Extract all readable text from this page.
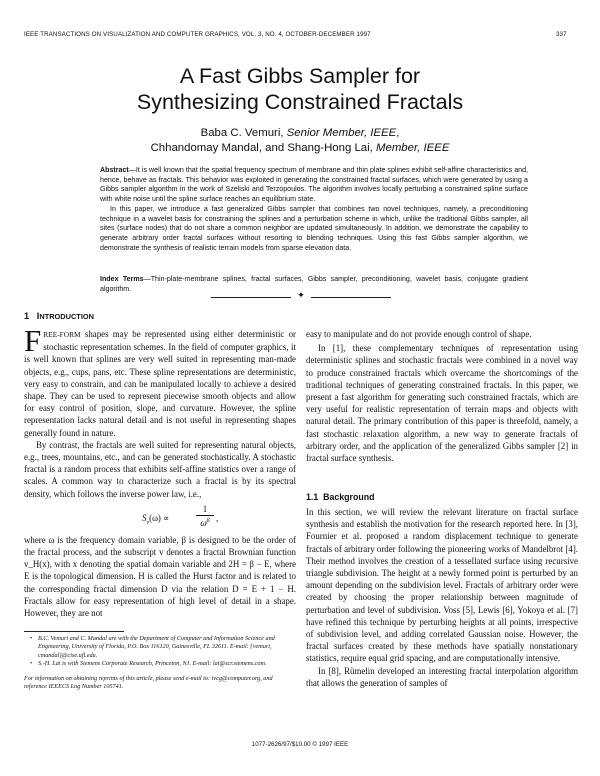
IEEE TRANSACTIONS ON VISUALIZATION AND COMPUTER GRAPHICS, VOL. 3, NO. 4, OCTOBER-DECEMBER 1997	337
A Fast Gibbs Sampler for
Synthesizing Constrained Fractals
Baba C. Vemuri, Senior Member, IEEE,
Chhandomay Mandal, and Shang-Hong Lai, Member, IEEE
Abstract—It is well known that the spatial frequency spectrum of membrane and thin plate splines exhibit self-affine characteristics and, hence, behave as fractals. This behavior was exploited in generating the constrained fractal surfaces, which were generated by using a Gibbs sampler algorithm in the work of Szeliski and Terzopoulos. The algorithm involves locally perturbing a constrained spline surface with white noise until the spline surface reaches an equilibrium state.
In this paper, we introduce a fast generalized Gibbs sampler that combines two novel techniques, namely, a preconditioning technique in a wavelet basis for constraining the splines and a perturbation scheme in which, unlike the traditional Gibbs sampler, all sites (surface nodes) that do not share a common neighbor are updated simultaneously. In addition, we demonstrate the capability to generate arbitrary order fractal surfaces without resorting to blending techniques. Using this fast Gibbs sampler algorithm, we demonstrate the synthesis of realistic terrain models from sparse elevation data.
Index Terms—Thin-plate-membrane splines, fractal surfaces, Gibbs sampler, preconditioning, wavelet basis, conjugate gradient algorithm.
✦
1 INTRODUCTION

FREE-FORM shapes may be represented using either deterministic or stochastic representation schemes. In the field of computer graphics, it is well known that splines are very well suited in representing man-made objects, e.g., cups, pans, etc. These spline representations are deterministic, very easy to constrain, and can be manipulated locally to achieve a desired shape. They can be used to represent piecewise smooth objects and allow for easy control of position, slope, and curvature. However, the spline representation lacks natural detail and is not useful in representing shapes generally found in nature.

By contrast, the fractals are well suited for representing natural objects, e.g., trees, mountains, etc., and can be generated stochastically. A stochastic fractal is a random process that exhibits self-affine statistics over a range of scales. A common way to characterize such a fractal is by its spectral density, which follows the inverse power law, i.e.,

$S_v(\omega)$ ∝	$\frac{1}{\omega^\beta}$ ,

where ω is the frequency domain variable, β is designed to be the order of the fractal process, and the subscript v denotes a fractal Brownian function v_H(x), with x denoting the spatial domain variable and 2H = β − E, where E is the topological dimension. H is called the Hurst factor and is related to the corresponding fractal dimension D via the relation D = E + 1 − H. Fractals allow for easy representation of high level of detail in a shape. However, they are not

• B.C. Vemuri and C. Mandal are with the Department of Computer and Information Science and Engineering, University of Florida, P.O. Box 116120, Gainesville, FL 32611. E-mail: {vemuri, cmandal}@cise.ufl.edu.
• S.-H. Lai is with Siemens Corporate Research, Princeton, NJ. E-mail: lai@scr.siemens.com.
For information on obtaining reprints of this article, please send e-mail to: tvcg@computer.org, and reference IEEECS Log Number 105741.

easy to manipulate and do not provide enough control of shape.

In [1], these complementary techniques of representation using deterministic splines and stochastic fractals were combined in a novel way to produce constrained fractals which overcame the shortcomings of the traditional techniques of generating constrained fractals. In this paper, we present a fast algorithm for generating such constrained fractals, which are very useful for realistic representation of terrain maps and objects with natural detail. The primary contribution of this paper is threefold, namely, a fast stochastic relaxation algorithm, a new way to generate fractals of arbitrary order, and the application of the generalized Gibbs sampler [2] in fractal surface synthesis.

1.1 Background

In this section, we will review the relevant literature on fractal surface synthesis and establish the motivation for the research reported here. In [3], Fournier et al. proposed a random displacement technique to generate fractals of arbitrary order following the pioneering works of Mandelbrot [4]. Their method involves the creation of a tessellated surface using recursive triangle subdivision. The height at a newly formed point is perturbed by an amount depending on the subdivision level. Fractals of arbitrary order were created by choosing the proper relationship between magnitude of perturbation and level of subdivision. Voss [5], Lewis [6], Yokoya et al. [7] have refined this technique by perturbing heights at all points, irrespective of subdivision level, and adding correlated Gaussian noise. However, the fractal surfaces created by these methods have spatially nonstationary statistics, require equal grid spacing, and are computationally intensive.

In [8], Rümelin developed an interesting fractal interpolation algorithm that allows the generation of samples of

1077-2626/97/$10.00 © 1997 IEEE
